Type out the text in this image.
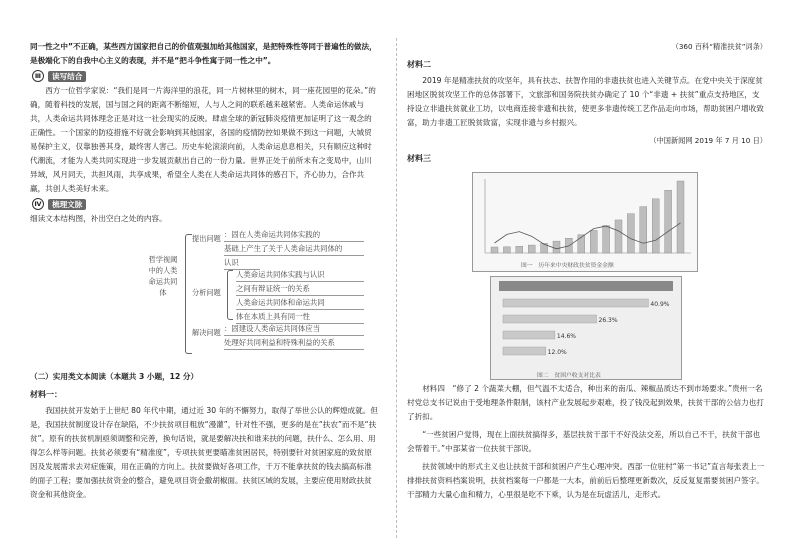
同一性之中”不正确，某些西方国家把自己的价值观强加给其他国家，是把特殊性等同于普遍性的做法，是极端化下的自我中心主义的表现，并不是“把斗争性寓于同一性之中”。

Ⅲ	读写结合

西方一位哲学家说：“我们是同一片海洋里的浪花，同一片树林里的树木，同一座花园里的花朵。”的确，随着科技的发展，国与国之间的距离不断缩短，人与人之间的联系越来越紧密。人类命运休戚与共，人类命运共同体理念正是对这一社会现实的反映。肆虐全球的新冠肺炎疫情更加证明了这一观念的正确性。一个国家的防疫措施不好就会影响到其他国家，各国的疫情防控如果做不到这一问题，大城贸易保护主义，仅靠独善其身，最终害人害己。历史车轮滚滚向前，人类命运息息相关，只有顺应这种时代潮流，才能为人类共同实现进一步发展贡献出自己的一份力量。世界正处于前所未有之变局中，山川异域，风月同天，共担风雨，共享成果，希望全人类在人类命运共同体的感召下，齐心协力，合作共赢，共创人类美好未来。

Ⅳ	梳理文脉

细读文本结构图，补出空白之处的内容。

哲学视阈中的人类命运共同体
提出问题 ：固在人类命运共同体实践的
基础上产生了关于人类命运共同体的
认识
分析问题
人类命运共同体实践与认识
之间有辩证统一的关系
人类命运共同体和命运共同
体在本质上具有同一性
解决问题 ：固建设人类命运共同体应当
处理好共同利益和特殊利益的关系

（二）实用类文本阅读（本题共 3 小题，12 分）

材料一：

我国扶贫开发始于上世纪 80 年代中期，通过近 30 年的不懈努力，取得了举世公认的辉煌成就。但是，我国扶贫制度设计存在缺陷，不少扶贫项目粗放“漫灌”，针对性不强，更多的是在“扶农”而不是“扶贫”。原有的扶贫机制亟须调整和完善，换句话说，就是要解决扶和谁来扶的问题，扶什么、怎么用、用得怎么样等问题。扶贫必须要有“精准度”，专项扶贫更要瞄准贫困居民，特别要针对贫困家庭的致贫原因及发展需求去对症施策，用在正确的方向上。扶贫要做好各项工作，千万不能拿扶贫的钱去搞高标准的面子工程；要加强扶贫资金的整合，避免项目资金撒胡椒面。扶贫区域的发展，主要应使用财政扶贫资金和其他资金。

（360 百科“精准扶贫”词条）

材料二

2019 年是精准扶贫的攻坚年，具有扶志、扶智作用的非遗扶贫也进入关键节点。在党中央关于深度贫困地区脱贫攻坚工作的总体部署下，文旅部和国务院扶贫办确定了 10 个“非遗 + 扶贫”重点支持地区，支持设立非遗扶贫就业工坊，以电商连接非遗和扶贫，使更多非遗传统工艺作品走向市场，帮助贫困户增收致富，助力非遗工匠脱贫致富，实现非遗与乡村振兴。

（中国新闻网 2019 年 7 月 10 日）

材料三

图一　历年来中央财政扶贫资金金额
40.9%
26.3%
14.6%
12.0%
图二　贫困户收支对比表

材料四　“修了 2 个蔬菜大棚，但气温不太适合，种出来的南瓜、辣椒品质达不到市场要求。”贵州一名村党总支书记说由于受地理条件限制，该村产业发展起步艰难，投了钱没起到效果，扶贫干部的公信力也打了折扣。

“一些贫困户觉得，现在上面扶贫搞得多，基层扶贫干部干不好没法交差，所以自己不干，扶贫干部也会帮着干。”中部某省一位扶贫干部说。

扶贫领域中的形式主义也让扶贫干部和贫困户产生心理冲突。西部一位驻村“第一书记”直言每张表上一排排扶贫资料档案说明，扶贫档案每一户都是一大本，前前后后整理更新数次，反反复复需要贫困户签字。干部精力大量心血和精力，心里很是吃不下乘，认为是在玩虚活儿，走形式。
